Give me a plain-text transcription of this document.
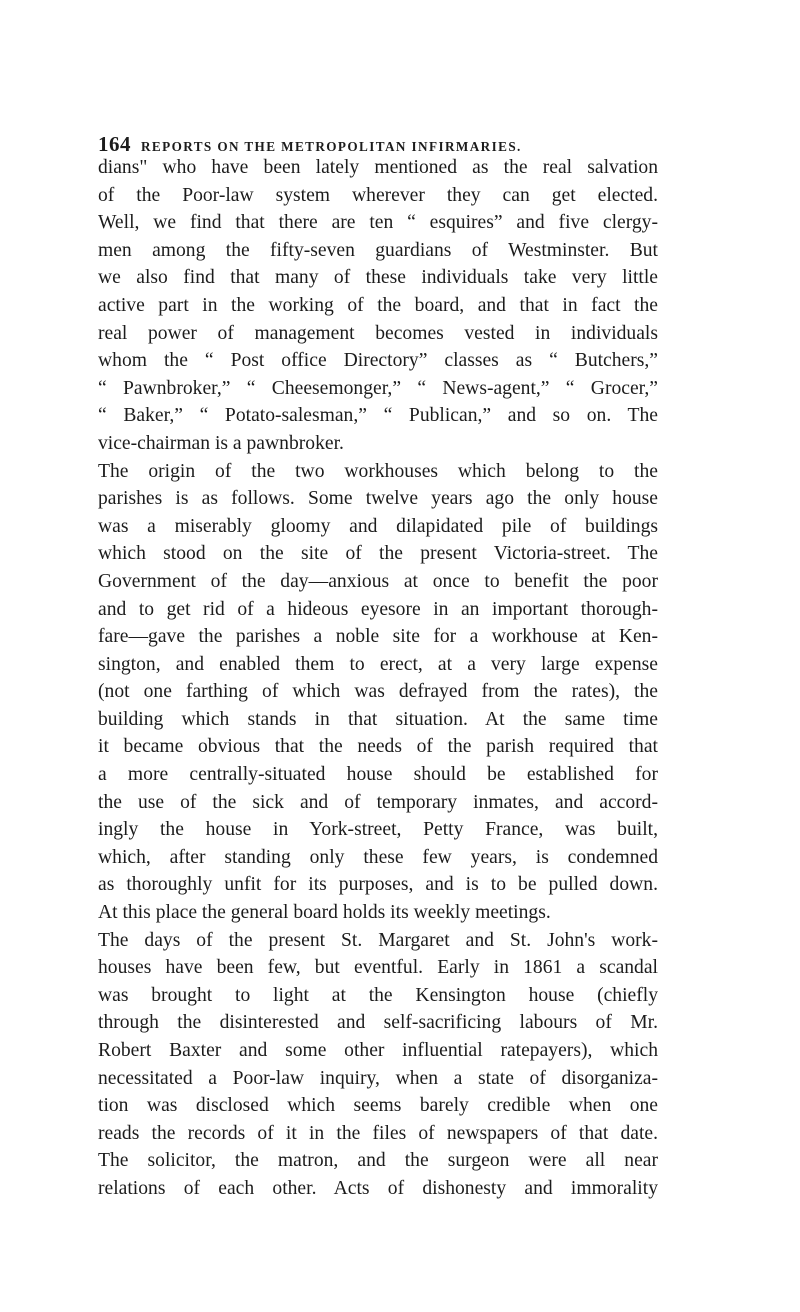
164 REPORTS ON THE METROPOLITAN INFIRMARIES.
dians" who have been lately mentioned as the real salvation
of the Poor-law system wherever they can get elected.
Well, we find that there are ten “ esquires” and five clergy-
men among the fifty-seven guardians of Westminster. But
we also find that many of these individuals take very little
active part in the working of the board, and that in fact the
real power of management becomes vested in individuals
whom the “ Post office Directory” classes as “ Butchers,”
“ Pawnbroker,” “ Cheesemonger,” “ News-agent,” “ Grocer,”
“ Baker,” “ Potato-salesman,” “ Publican,” and so on. The
vice-chairman is a pawnbroker.
The origin of the two workhouses which belong to the
parishes is as follows. Some twelve years ago the only house
was a miserably gloomy and dilapidated pile of buildings
which stood on the site of the present Victoria-street. The
Government of the day—anxious at once to benefit the poor
and to get rid of a hideous eyesore in an important thorough-
fare—gave the parishes a noble site for a workhouse at Ken-
sington, and enabled them to erect, at a very large expense
(not one farthing of which was defrayed from the rates), the
building which stands in that situation. At the same time
it became obvious that the needs of the parish required that
a more centrally-situated house should be established for
the use of the sick and of temporary inmates, and accord-
ingly the house in York-street, Petty France, was built,
which, after standing only these few years, is condemned
as thoroughly unfit for its purposes, and is to be pulled down.
At this place the general board holds its weekly meetings.
The days of the present St. Margaret and St. John's work-
houses have been few, but eventful. Early in 1861 a scandal
was brought to light at the Kensington house (chiefly
through the disinterested and self-sacrificing labours of Mr.
Robert Baxter and some other influential ratepayers), which
necessitated a Poor-law inquiry, when a state of disorganiza-
tion was disclosed which seems barely credible when one
reads the records of it in the files of newspapers of that date.
The solicitor, the matron, and the surgeon were all near
relations of each other. Acts of dishonesty and immorality
